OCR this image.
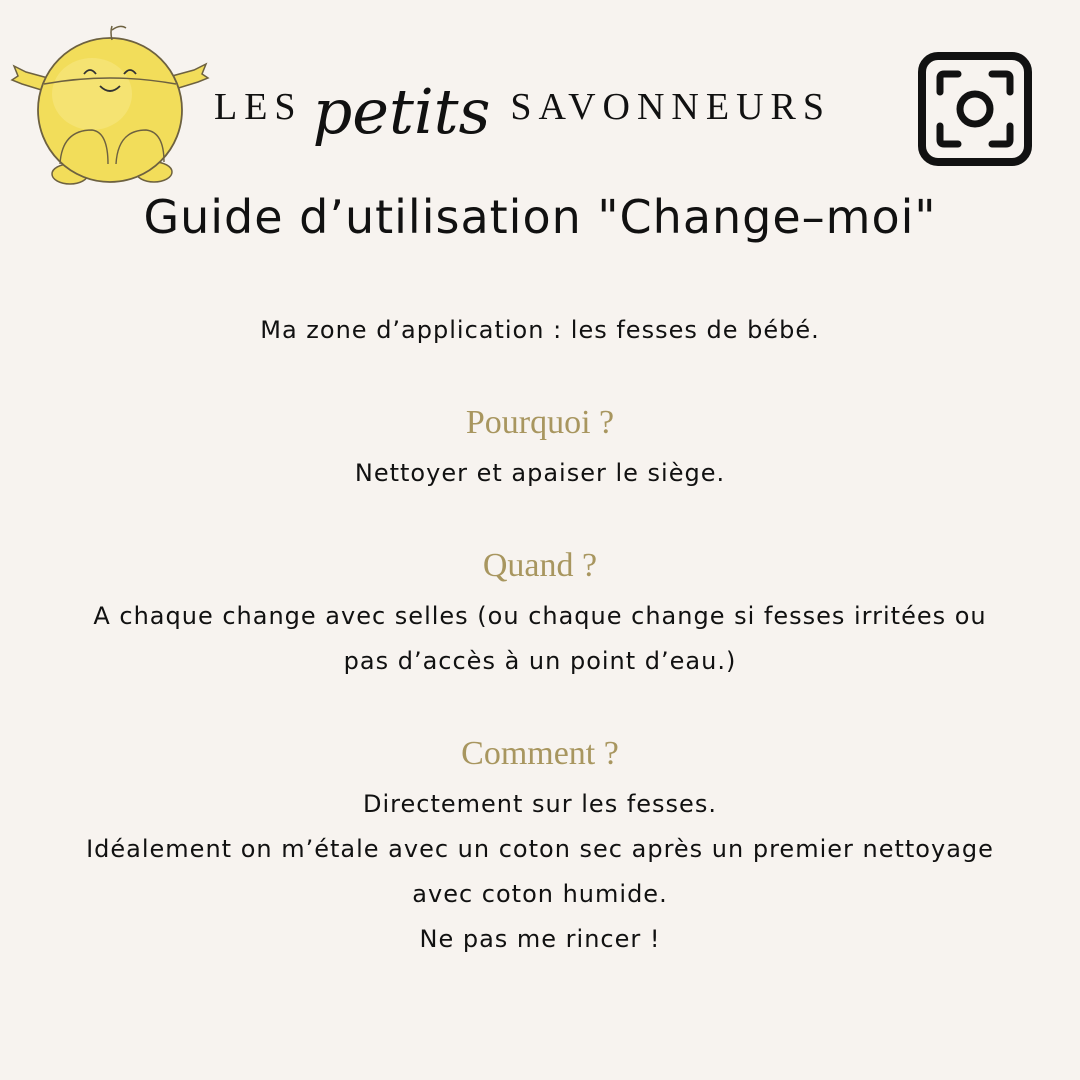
LES petits SAVONNEURS
Guide d’utilisation "Change–moi"

Ma zone d’application : les fesses de bébé.

Pourquoi ?

Nettoyer et apaiser le siège.

Quand ?

A chaque change avec selles (ou chaque change si fesses irritées ou

pas d’accès à un point d’eau.)

Comment ?

Directement sur les fesses.

Idéalement on m’étale avec un coton sec après un premier nettoyage

avec coton humide.

Ne pas me rincer !
